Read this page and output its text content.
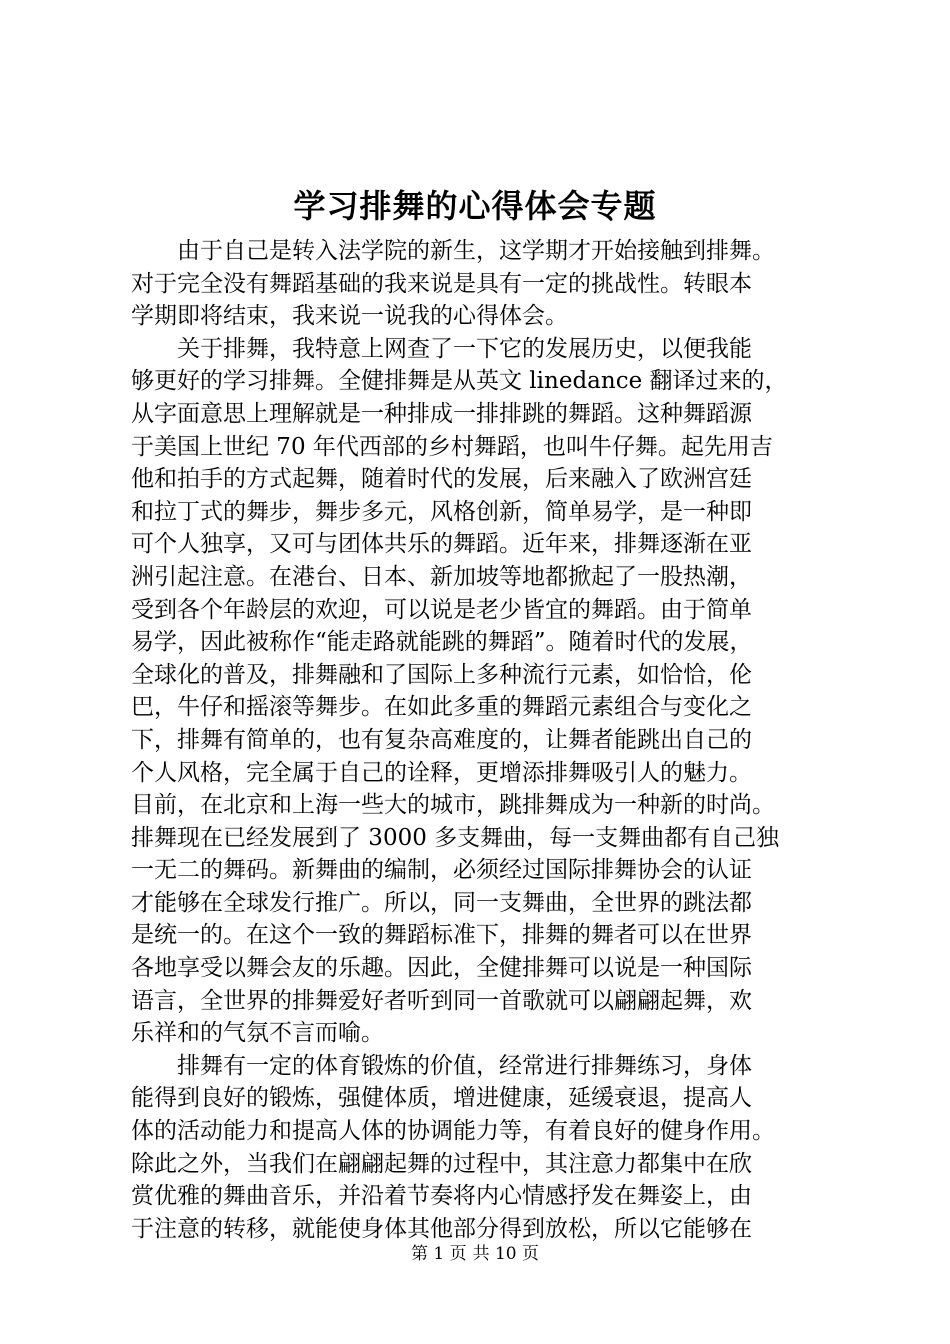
学习排舞的心得体会专题
　　由于自己是转入法学院的新生，这学期才开始接触到排舞。
对于完全没有舞蹈基础的我来说是具有一定的挑战性。转眼本
学期即将结束，我来说一说我的心得体会。
　　关于排舞，我特意上网查了一下它的发展历史，以便我能
够更好的学习排舞。全健排舞是从英文 linedance 翻译过来的，
从字面意思上理解就是一种排成一排排跳的舞蹈。这种舞蹈源
于美国上世纪 70 年代西部的乡村舞蹈，也叫牛仔舞。起先用吉
他和拍手的方式起舞，随着时代的发展，后来融入了欧洲宫廷
和拉丁式的舞步，舞步多元，风格创新，简单易学，是一种即
可个人独享，又可与团体共乐的舞蹈。近年来，排舞逐渐在亚
洲引起注意。在港台、日本、新加坡等地都掀起了一股热潮，
受到各个年龄层的欢迎，可以说是老少皆宜的舞蹈。由于简单
易学，因此被称作“能走路就能跳的舞蹈”。随着时代的发展，
全球化的普及，排舞融和了国际上多种流行元素，如恰恰，伦
巴，牛仔和摇滚等舞步。在如此多重的舞蹈元素组合与变化之
下，排舞有简单的，也有复杂高难度的，让舞者能跳出自己的
个人风格，完全属于自己的诠释，更增添排舞吸引人的魅力。
目前，在北京和上海一些大的城市，跳排舞成为一种新的时尚。
排舞现在已经发展到了 3000 多支舞曲，每一支舞曲都有自己独
一无二的舞码。新舞曲的编制，必须经过国际排舞协会的认证
才能够在全球发行推广。所以，同一支舞曲，全世界的跳法都
是统一的。在这个一致的舞蹈标准下，排舞的舞者可以在世界
各地享受以舞会友的乐趣。因此，全健排舞可以说是一种国际
语言，全世界的排舞爱好者听到同一首歌就可以翩翩起舞，欢
乐祥和的气氛不言而喻。
　　排舞有一定的体育锻炼的价值，经常进行排舞练习，身体
能得到良好的锻炼，强健体质，增进健康，延缓衰退，提高人
体的活动能力和提高人体的协调能力等，有着良好的健身作用。
除此之外，当我们在翩翩起舞的过程中，其注意力都集中在欣
赏优雅的舞曲音乐，并沿着节奏将内心情感抒发在舞姿上，由
于注意的转移，就能使身体其他部分得到放松，所以它能够在
第 1 页 共 10 页
